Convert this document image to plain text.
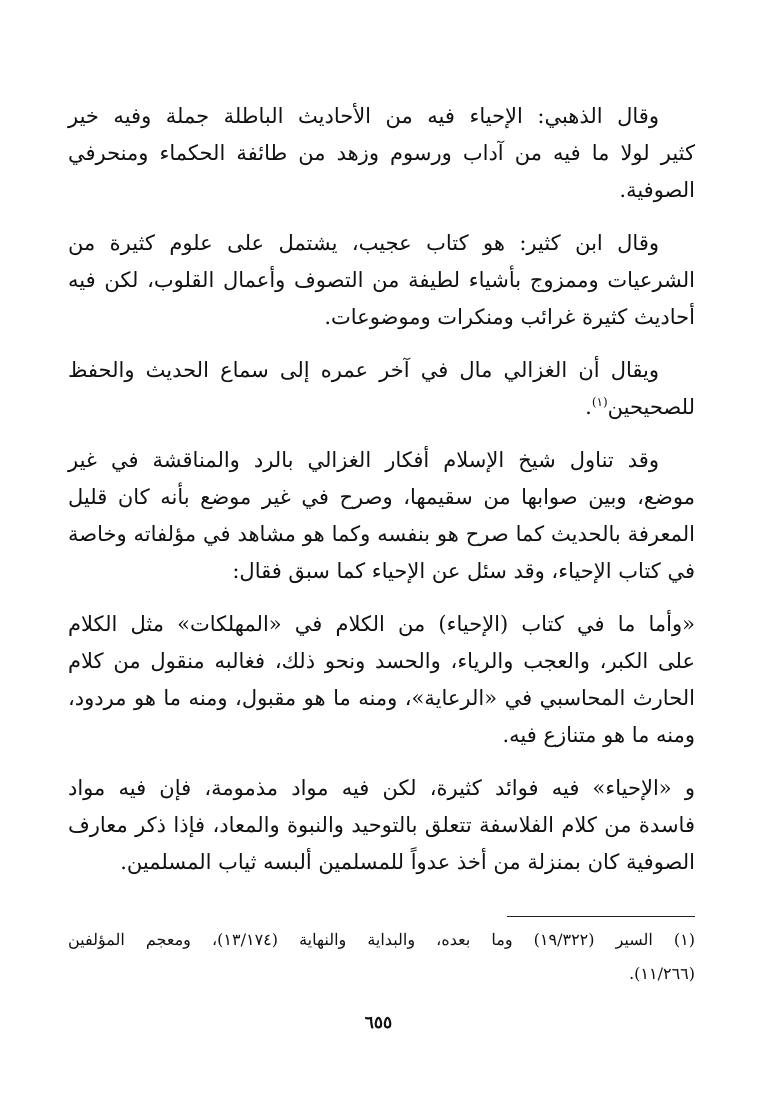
وقال الذهبي: الإحياء فيه من الأحاديث الباطلة جملة وفيه خير
كثير لولا ما فيه من آداب ورسوم وزهد من طائفة الحكماء ومنحرفي
الصوفية.

وقال ابن كثير: هو كتاب عجيب، يشتمل على علوم كثيرة من
الشرعيات وممزوج بأشياء لطيفة من التصوف وأعمال القلوب، لكن فيه
أحاديث كثيرة غرائب ومنكرات وموضوعات.

ويقال أن الغزالي مال في آخر عمره إلى سماع الحديث والحفظ
للصحيحين$^{(١)}$.

وقد تناول شيخ الإسلام أفكار الغزالي بالرد والمناقشة في غير
موضع، وبين صوابها من سقيمها، وصرح في غير موضع بأنه كان قليل
المعرفة بالحديث كما صرح هو بنفسه وكما هو مشاهد في مؤلفاته وخاصة
في كتاب الإحياء، وقد سئل عن الإحياء كما سبق فقال:

«وأما ما في كتاب (الإحياء) من الكلام في «المهلكات» مثل الكلام
على الكبر، والعجب والرياء، والحسد ونحو ذلك، فغالبه منقول من كلام
الحارث المحاسبي في «الرعاية»، ومنه ما هو مقبول، ومنه ما هو مردود،
ومنه ما هو متنازع فيه.

و «الإحياء» فيه فوائد كثيرة، لكن فيه مواد مذمومة، فإن فيه مواد
فاسدة من كلام الفلاسفة تتعلق بالتوحيد والنبوة والمعاد، فإذا ذكر معارف
الصوفية كان بمنزلة من أخذ عدواً للمسلمين ألبسه ثياب المسلمين.

(١) السير (١٩/٣٢٢) وما بعده، والبداية والنهاية (١٣/١٧٤)، ومعجم المؤلفين
(١١/٢٦٦).
٦٥٥
